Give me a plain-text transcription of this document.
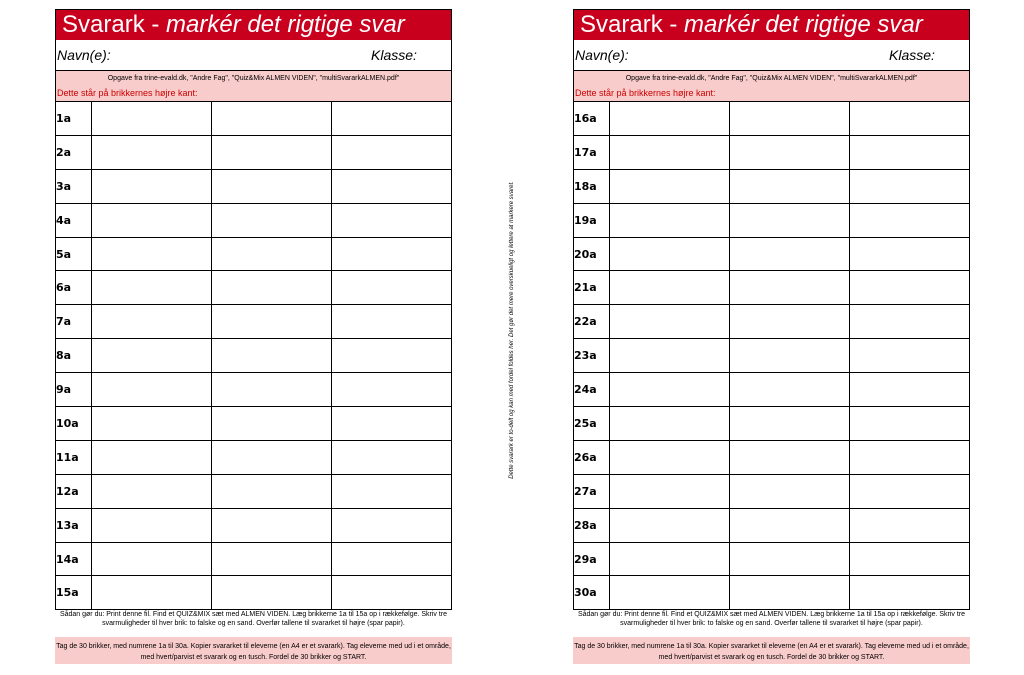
Svarark - markér det rigtige svar
Navn(e):	Klasse:
Opgave fra trine-evald.dk, "Andre Fag", "Quiz&Mix ALMEN VIDEN", "multiSvararkALMEN.pdf"
Dette står på brikkernes højre kant:
1a			
2a			
3a			
4a			
5a			
6a			
7a			
8a			
9a			
10a			
11a			
12a			
13a			
14a			
15a			
Svarark - markér det rigtige svar
Navn(e):	Klasse:
Opgave fra trine-evald.dk, "Andre Fag", "Quiz&Mix ALMEN VIDEN", "multiSvararkALMEN.pdf"
Dette står på brikkernes højre kant:
16a			
17a			
18a			
19a			
20a			
21a			
22a			
23a			
24a			
25a			
26a			
27a			
28a			
29a			
30a			
Sådan gør du: Print denne fil. Find et QUIZ&MIX sæt med ALMEN VIDEN. Læg brikkerne 1a til 15a op i rækkefølge. Skriv tre svarmuligheder til hver brik: to falske og en sand. Overfør tallene til svararket til højre (spar papir).
Tag de 30 brikker, med numrene 1a til 30a. Kopier svararket til eleverne (en A4 er et svarark). Tag eleverne med ud i et område, med hvert/parvist et svarark og en tusch. Fordel de 30 brikker og START.
Sådan gør du: Print denne fil. Find et QUIZ&MIX sæt med ALMEN VIDEN. Læg brikkerne 1a til 15a op i rækkefølge. Skriv tre svarmuligheder til hver brik: to falske og en sand. Overfør tallene til svararket til højre (spar papir).
Tag de 30 brikker, med numrene 1a til 30a. Kopier svararket til eleverne (en A4 er et svarark). Tag eleverne med ud i et område, med hvert/parvist et svarark og en tusch. Fordel de 30 brikker og START.
Dette svarark er to-delt og kan med fordel foldes her. Det gør det mere overskueligt og lettere at markere svaret.
